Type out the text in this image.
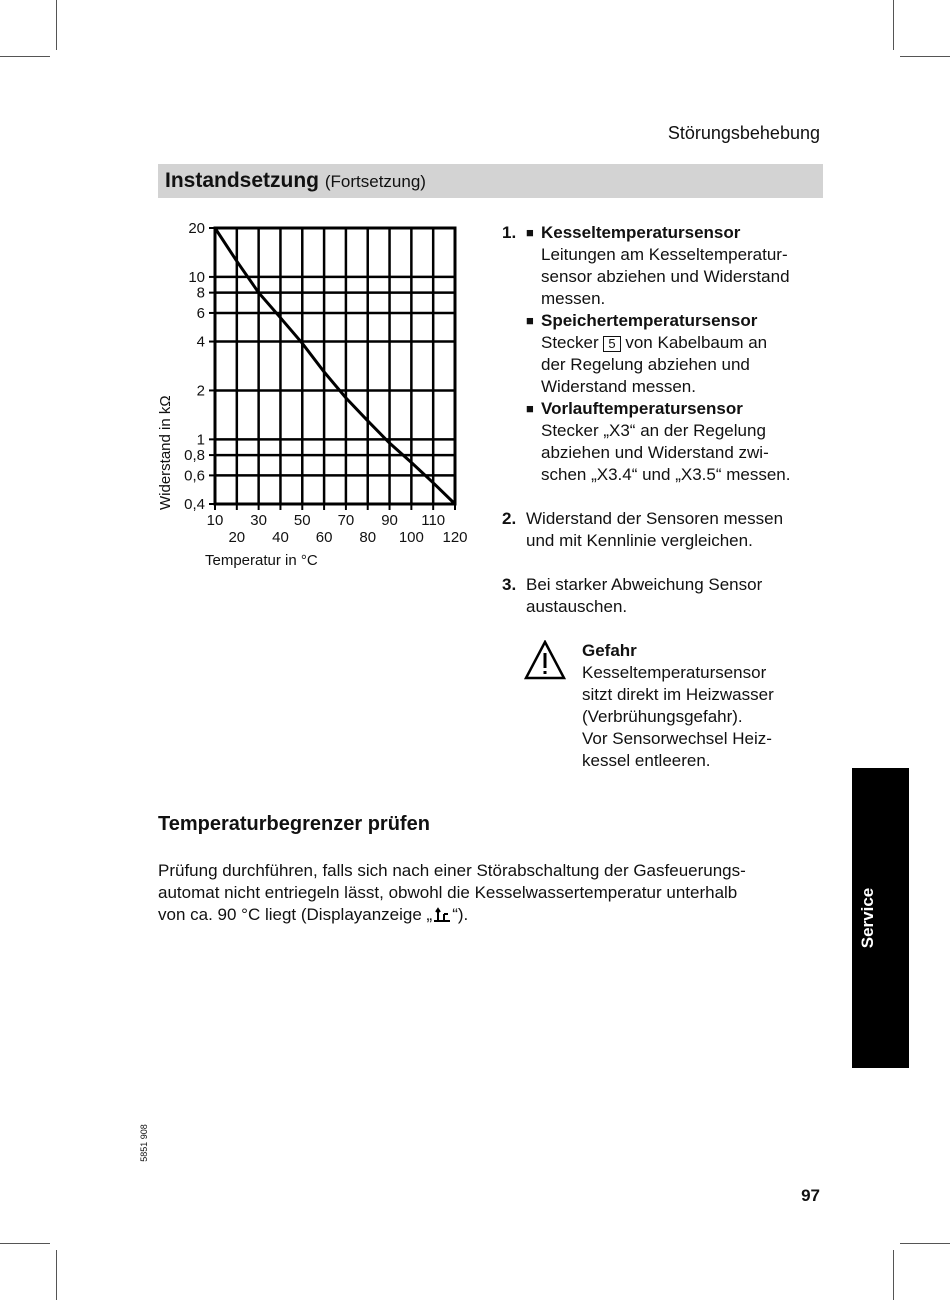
Störungsbehebung
Instandsetzung (Fortsetzung)
10 30 50 70 90 110
20 40 60 80 100 120
20
10
8
6
4
2
1
0,8
0,6
0,4
Temperatur in °C
Widerstand in kΩ
1. ■ Kesseltemperatursensor
Leitungen am Kesseltemperatur-
sensor abziehen und Widerstand
messen.
■ Speichertemperatursensor
Stecker 5 von Kabelbaum an
der Regelung abziehen und
Widerstand messen.
■ Vorlauftemperatursensor
Stecker „X3“ an der Regelung
abziehen und Widerstand zwi-
schen „X3.4“ und „X3.5“ messen.
2. Widerstand der Sensoren messen
und mit Kennlinie vergleichen.
3. Bei starker Abweichung Sensor
austauschen.
Gefahr
Kesseltemperatursensor
sitzt direkt im Heizwasser
(Verbrühungsgefahr).
Vor Sensorwechsel Heiz-
kessel entleeren.
Temperaturbegrenzer prüfen
Prüfung durchführen, falls sich nach einer Störabschaltung der Gasfeuerungs-
automat nicht entriegeln lässt, obwohl die Kesselwassertemperatur unterhalb
von ca. 90 °C liegt (Displayanzeige „ “).	Service
5851 908
97
